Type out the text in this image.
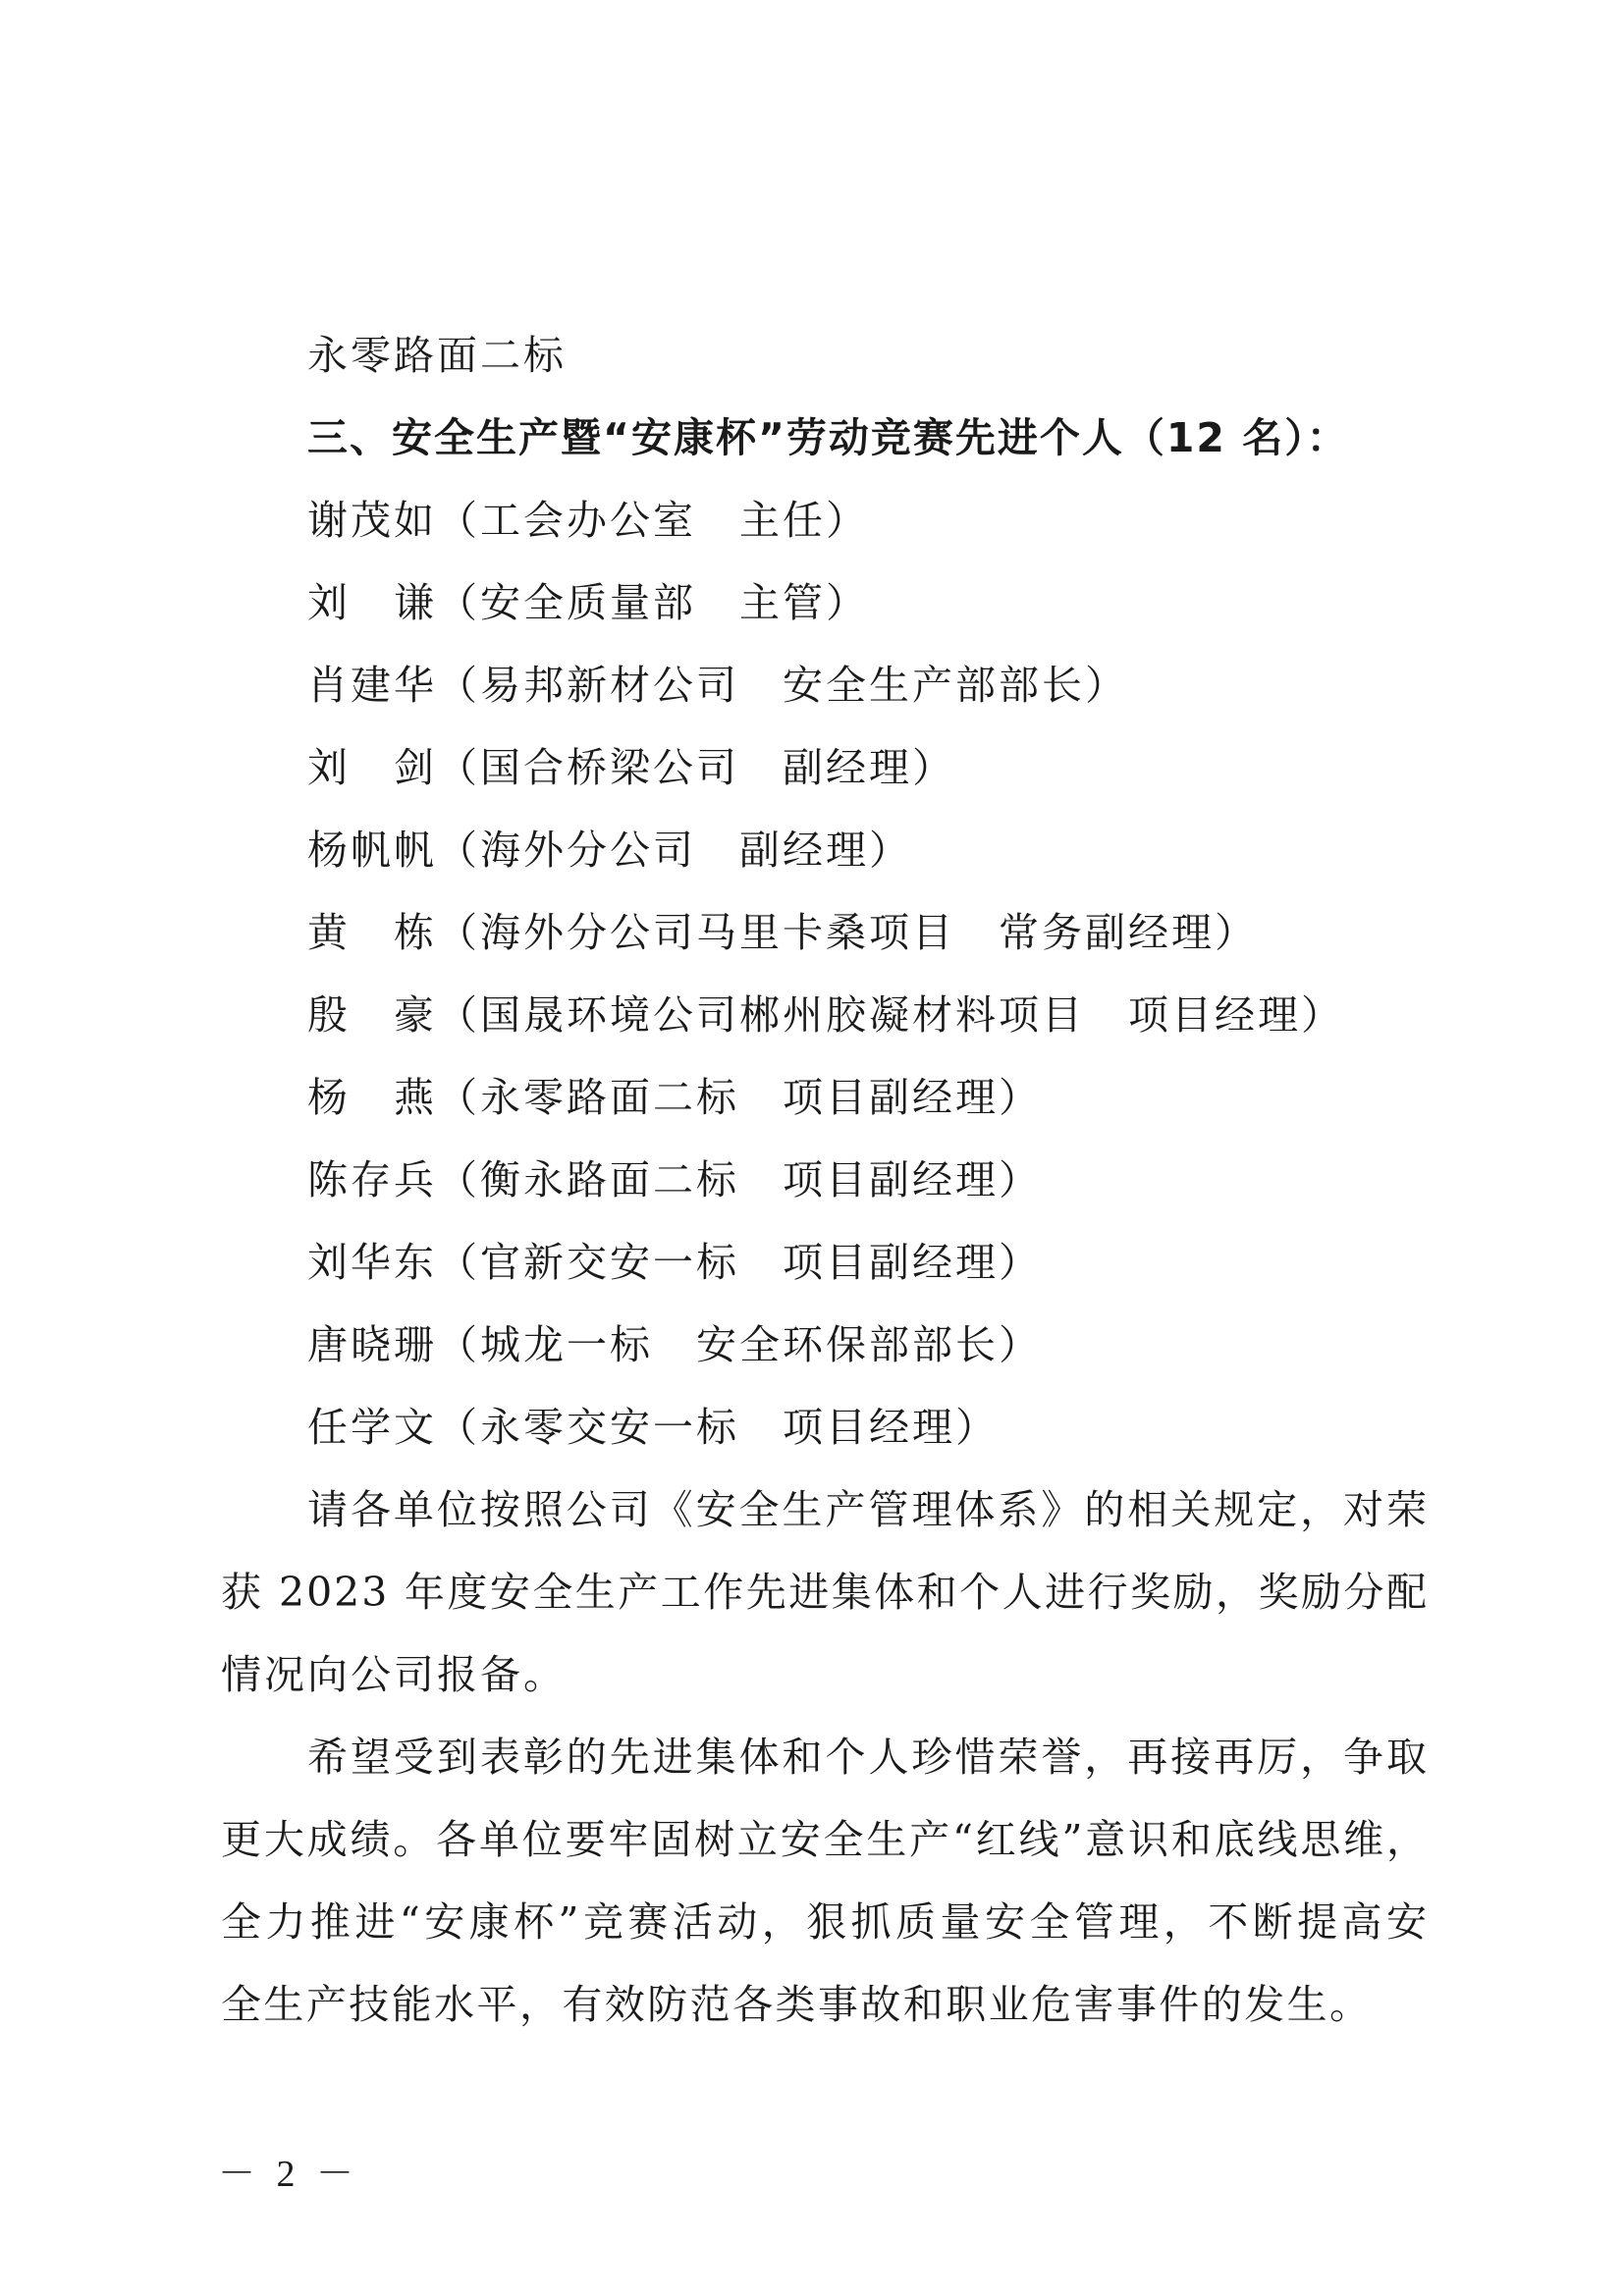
永零路面二标
三、安全生产暨“安康杯”劳动竞赛先进个人（12 名）：
谢茂如（工会办公室　主任）
刘　谦（安全质量部　主管）
肖建华（易邦新材公司　安全生产部部长）
刘　剑（国合桥梁公司　副经理）
杨帆帆（海外分公司　副经理）
黄　栋（海外分公司马里卡桑项目　常务副经理）
殷　豪（国晟环境公司郴州胶凝材料项目　项目经理）
杨　燕（永零路面二标　项目副经理）
陈存兵（衡永路面二标　项目副经理）
刘华东（官新交安一标　项目副经理）
唐晓珊（城龙一标　安全环保部部长）
任学文（永零交安一标　项目经理）
请各单位按照公司《安全生产管理体系》的相关规定，对荣
获 2023 年度安全生产工作先进集体和个人进行奖励，奖励分配
情况向公司报备。
希望受到表彰的先进集体和个人珍惜荣誉，再接再厉，争取
更大成绩。各单位要牢固树立安全生产“红线”意识和底线思维，
全力推进“安康杯”竞赛活动，狠抓质量安全管理，不断提高安
全生产技能水平，有效防范各类事故和职业危害事件的发生。
－ 2 －
